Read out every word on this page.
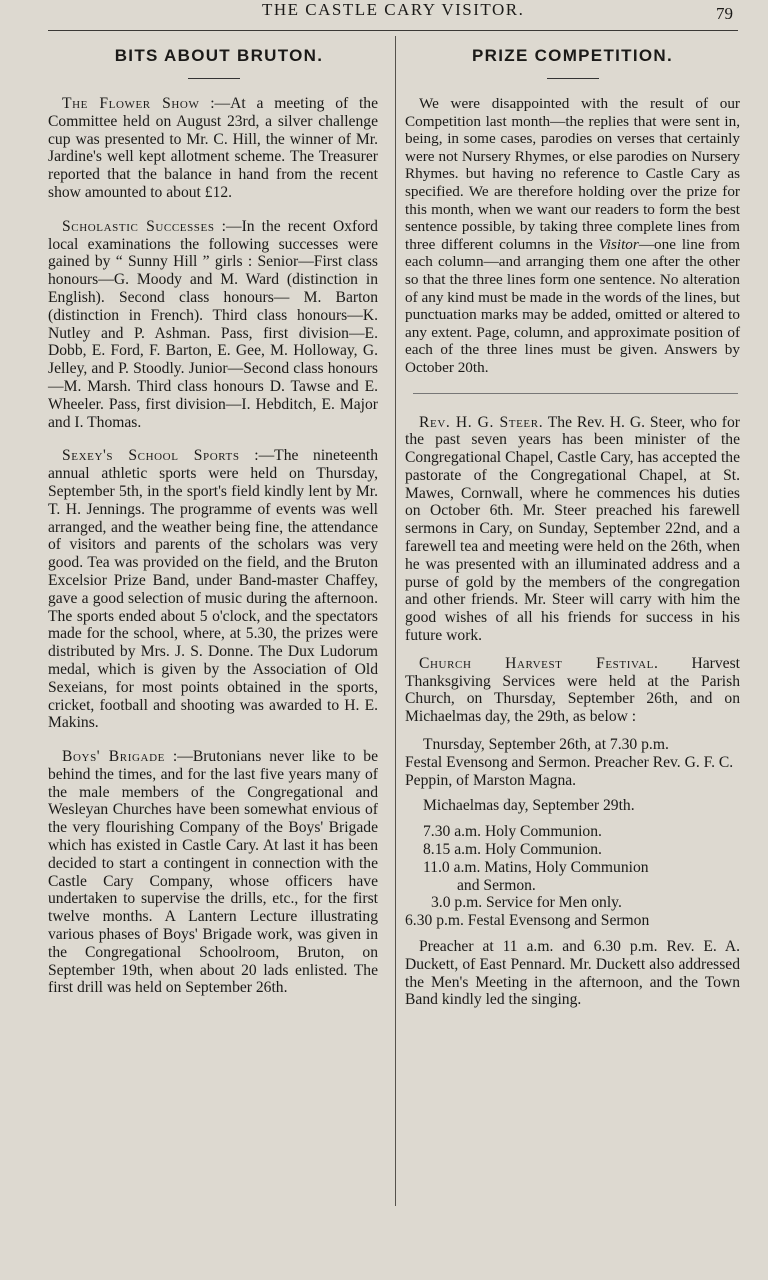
THE CASTLE CARY VISITOR.	79
BITS ABOUT BRUTON.

The Flower Show :—At a meeting of the Committee held on August 23rd, a silver challenge cup was presented to Mr. C. Hill, the winner of Mr. Jardine's well kept allotment scheme. The Treasurer reported that the balance in hand from the recent show amounted to about £12.

Scholastic Successes :—In the recent Oxford local examinations the following successes were gained by “ Sunny Hill ” girls : Senior—First class honours—G. Moody and M. Ward (distinction in English). Second class honours— M. Barton (distinction in French). Third class honours—K. Nutley and P. Ashman. Pass, first division—E. Dobb, E. Ford, F. Barton, E. Gee, M. Holloway, G. Jelley, and P. Stoodly. Junior—Second class honours—M. Marsh. Third class honours D. Tawse and E. Wheeler. Pass, first division—I. Hebditch, E. Major and I. Thomas.

Sexey's School Sports :—The nineteenth annual athletic sports were held on Thursday, September 5th, in the sport's field kindly lent by Mr. T. H. Jennings. The programme of events was well arranged, and the weather being fine, the attendance of visitors and parents of the scholars was very good. Tea was provided on the field, and the Bruton Excelsior Prize Band, under Band-master Chaffey, gave a good selection of music during the afternoon. The sports ended about 5 o'clock, and the spectators made for the school, where, at 5.30, the prizes were distributed by Mrs. J. S. Donne. The Dux Ludorum medal, which is given by the Association of Old Sexeians, for most points obtained in the sports, cricket, football and shooting was awarded to H. E. Makins.

Boys' Brigade :—Brutonians never like to be behind the times, and for the last five years many of the male members of the Congregational and Wesleyan Churches have been somewhat envious of the very flourishing Company of the Boys' Brigade which has existed in Castle Cary. At last it has been decided to start a contingent in connection with the Castle Cary Company, whose officers have undertaken to supervise the drills, etc., for the first twelve months. A Lantern Lecture illustrating various phases of Boys' Brigade work, was given in the Congregational Schoolroom, Bruton, on September 19th, when about 20 lads enlisted. The first drill was held on September 26th.

PRIZE COMPETITION.

We were disappointed with the result of our Competition last month—the replies that were sent in, being, in some cases, parodies on verses that certainly were not Nursery Rhymes, or else parodies on Nursery Rhymes. but having no reference to Castle Cary as specified. We are therefore holding over the prize for this month, when we want our readers to form the best sentence possible, by taking three complete lines from three different columns in the Visitor—one line from each column—and arranging them one after the other so that the three lines form one sentence. No alteration of any kind must be made in the words of the lines, but punctuation marks may be added, omitted or altered to any extent. Page, column, and approximate position of each of the three lines must be given. Answers by October 20th.

Rev. H. G. Steer. The Rev. H. G. Steer, who for the past seven years has been minister of the Congregational Chapel, Castle Cary, has accepted the pastorate of the Congregational Chapel, at St. Mawes, Cornwall, where he commences his duties on October 6th. Mr. Steer preached his farewell sermons in Cary, on Sunday, September 22nd, and a farewell tea and meeting were held on the 26th, when he was presented with an illuminated address and a purse of gold by the members of the congregation and other friends. Mr. Steer will carry with him the good wishes of all his friends for success in his future work.

Church Harvest Festival. Harvest Thanksgiving Services were held at the Parish Church, on Thursday, September 26th, and on Michaelmas day, the 29th, as below :

Tnursday, September 26th, at 7.30 p.m.
Festal Evensong and Sermon. Preacher Rev. G. F. C. Peppin, of Marston Magna.
Michaelmas day, September 29th.
7.30 a.m. Holy Communion.
8.15 a.m. Holy Communion.
11.0 a.m. Matins, Holy Communion
and Sermon.
3.0 p.m. Service for Men only.
6.30 p.m. Festal Evensong and Sermon

Preacher at 11 a.m. and 6.30 p.m. Rev. E. A. Duckett, of East Pennard. Mr. Duckett also addressed the Men's Meeting in the afternoon, and the Town Band kindly led the singing.
